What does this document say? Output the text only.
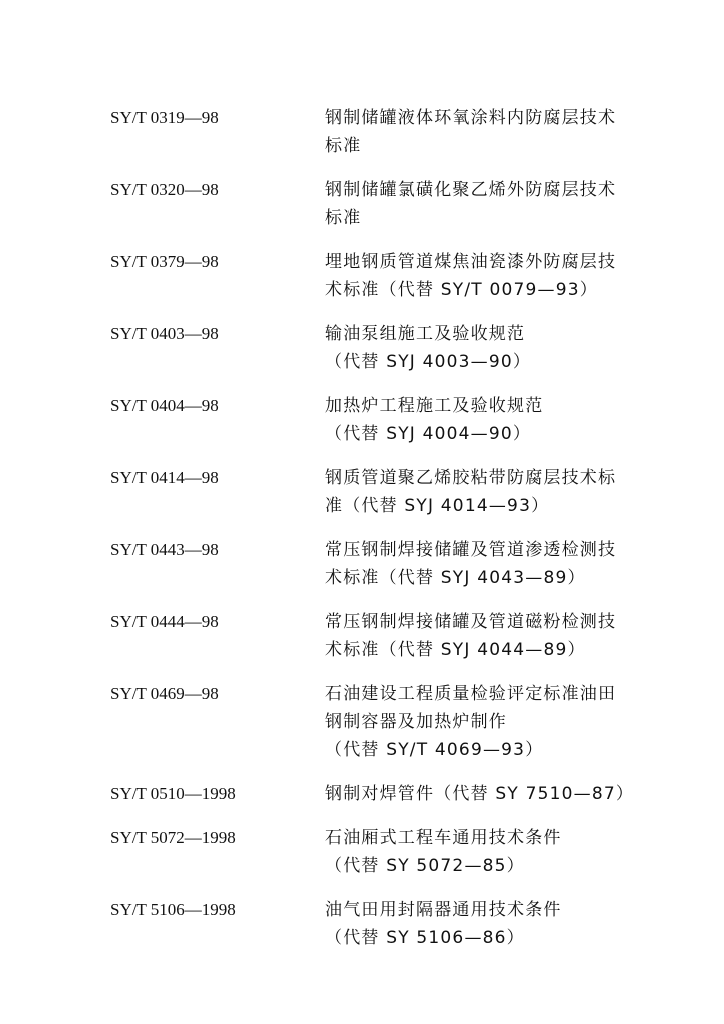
SY/T 0319—98	钢制储罐液体环氧涂料内防腐层技术
标准
SY/T 0320—98	钢制储罐氯磺化聚乙烯外防腐层技术
标准
SY/T 0379—98	埋地钢质管道煤焦油瓷漆外防腐层技
术标准（代替 SY/T 0079—93）
SY/T 0403—98	输油泵组施工及验收规范
（代替 SYJ 4003—90）
SY/T 0404—98	加热炉工程施工及验收规范
（代替 SYJ 4004—90）
SY/T 0414—98	钢质管道聚乙烯胶粘带防腐层技术标
准（代替 SYJ 4014—93）
SY/T 0443—98	常压钢制焊接储罐及管道渗透检测技
术标准（代替 SYJ 4043—89）
SY/T 0444—98	常压钢制焊接储罐及管道磁粉检测技
术标准（代替 SYJ 4044—89）
SY/T 0469—98	石油建设工程质量检验评定标准油田
钢制容器及加热炉制作
（代替 SY/T 4069—93）
SY/T 0510—1998	钢制对焊管件（代替 SY 7510—87）
SY/T 5072—1998	石油厢式工程车通用技术条件
（代替 SY 5072—85）
SY/T 5106—1998	油气田用封隔器通用技术条件
（代替 SY 5106—86）
